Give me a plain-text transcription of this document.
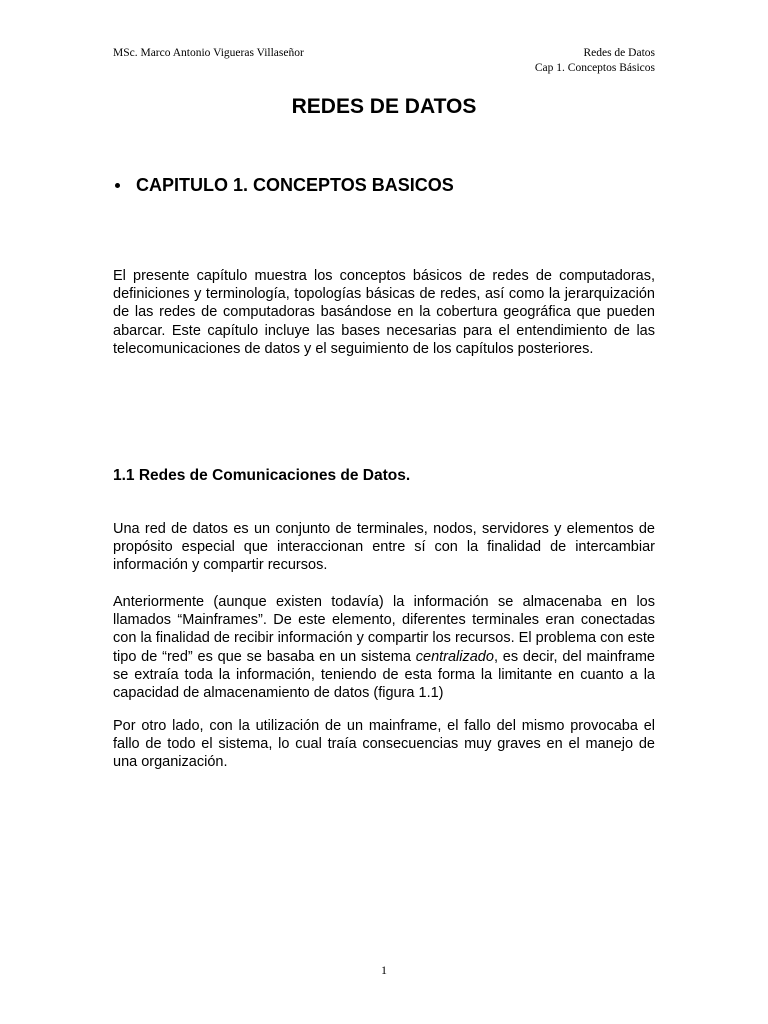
MSc. Marco Antonio Vigueras Villaseñor	Redes de Datos
Cap 1. Conceptos Básicos
REDES DE DATOS
CAPITULO 1. CONCEPTOS BASICOS

El presente capítulo muestra los conceptos básicos de redes de computadoras, definiciones y terminología, topologías básicas de redes, así como la jerarquización de las redes de computadoras basándose en la cobertura geográfica que pueden abarcar. Este capítulo incluye las bases necesarias para el entendimiento de las telecomunicaciones de datos y el seguimiento de los capítulos posteriores.

1.1 Redes de Comunicaciones de Datos.

Una red de datos es un conjunto de terminales, nodos, servidores y elementos de propósito especial que interaccionan entre sí con la finalidad de intercambiar información y compartir recursos.

Anteriormente (aunque existen todavía) la información se almacenaba en los llamados “Mainframes”. De este elemento, diferentes terminales eran conectadas con la finalidad de recibir información y compartir los recursos. El problema con este tipo de “red” es que se basaba en un sistema centralizado, es decir, del mainframe se extraía toda la información, teniendo de esta forma la limitante en cuanto a la capacidad de almacenamiento de datos (figura 1.1)

Por otro lado, con la utilización de un mainframe, el fallo del mismo provocaba el fallo de todo el sistema, lo cual traía consecuencias muy graves en el manejo de una organización.

1
